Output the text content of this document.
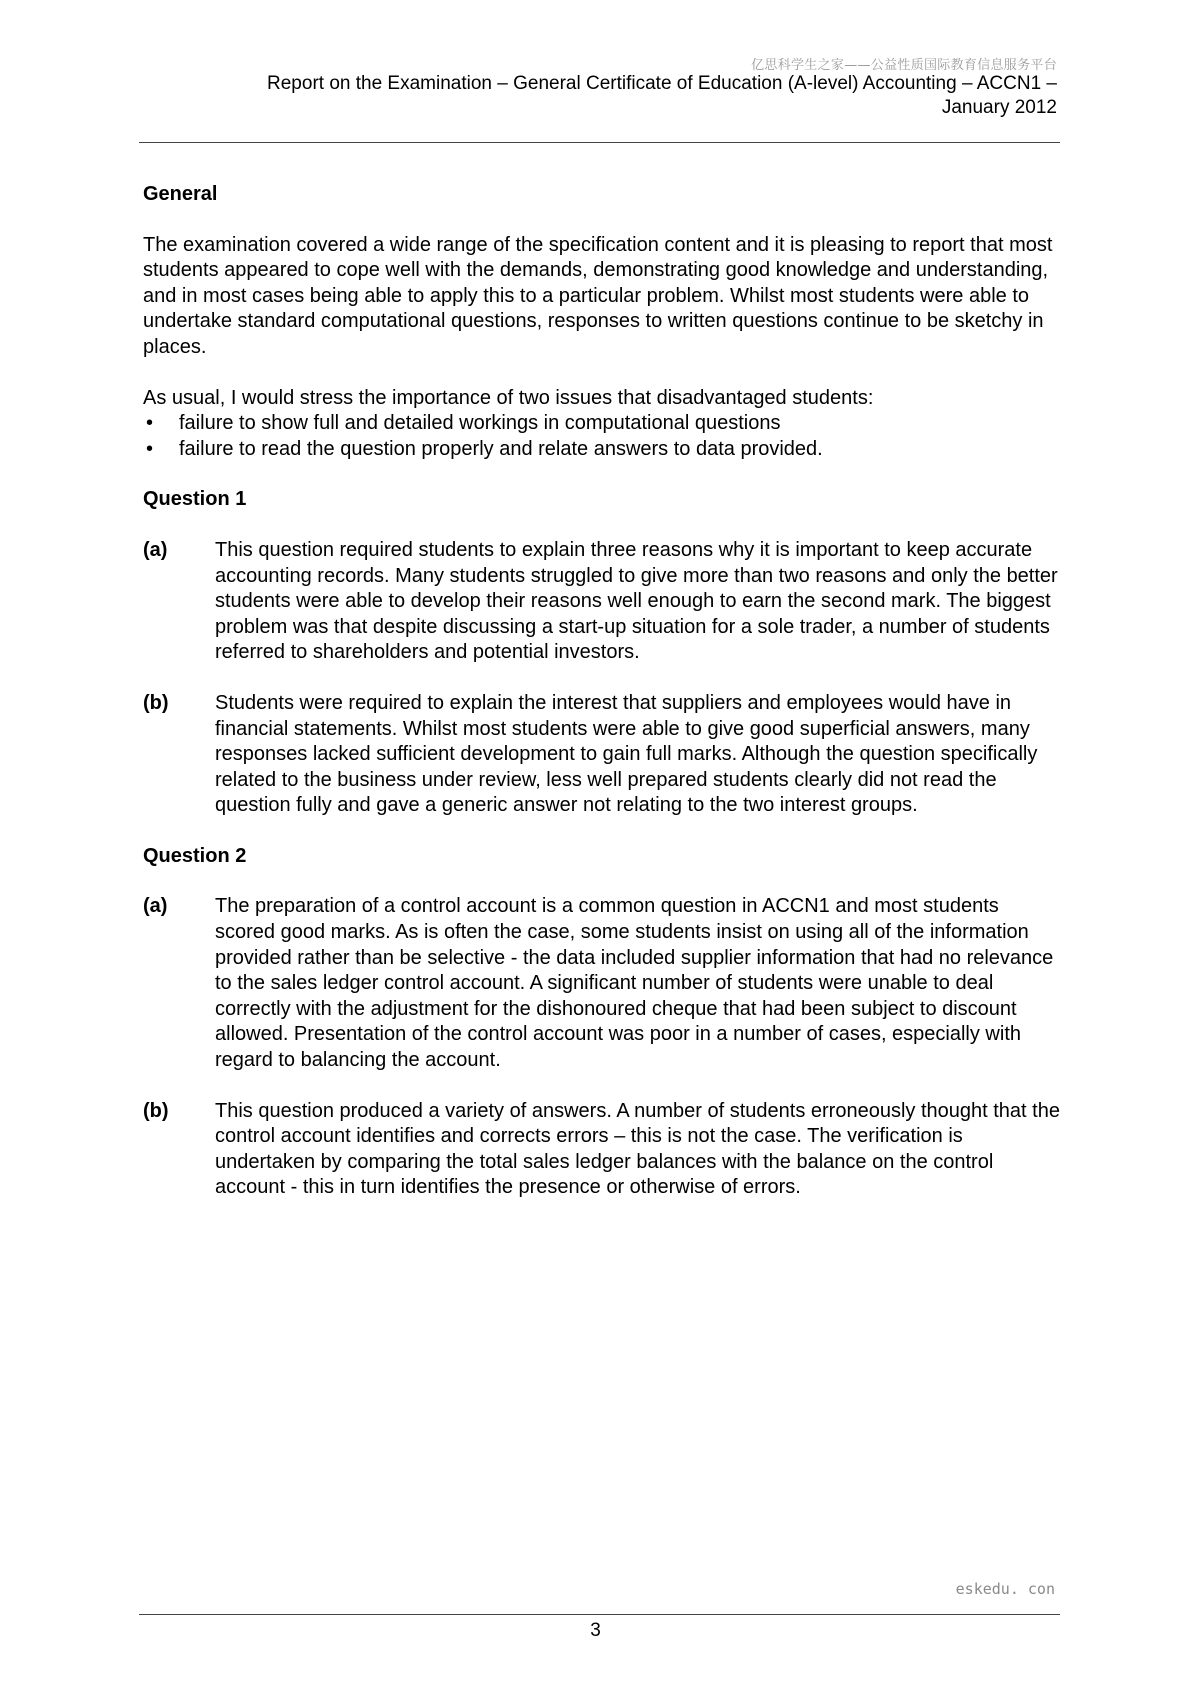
亿思科学生之家——公益性质国际教育信息服务平台
Report on the Examination – General Certificate of Education (A-level) Accounting – ACCN1 –
January 2012
General
The examination covered a wide range of the specification content and it is pleasing to report that most students appeared to cope well with the demands, demonstrating good knowledge and understanding, and in most cases being able to apply this to a particular problem. Whilst most students were able to undertake standard computational questions, responses to written questions continue to be sketchy in places.
As usual, I would stress the importance of two issues that disadvantaged students:
• failure to show full and detailed workings in computational questions
• failure to read the question properly and relate answers to data provided.
Question 1
(a)	This question required students to explain three reasons why it is important to keep accurate accounting records. Many students struggled to give more than two reasons and only the better students were able to develop their reasons well enough to earn the second mark. The biggest problem was that despite discussing a start-up situation for a sole trader, a number of students referred to shareholders and potential investors.
(b)	Students were required to explain the interest that suppliers and employees would have in financial statements. Whilst most students were able to give good superficial answers, many responses lacked sufficient development to gain full marks. Although the question specifically related to the business under review, less well prepared students clearly did not read the question fully and gave a generic answer not relating to the two interest groups.
Question 2
(a)	The preparation of a control account is a common question in ACCN1 and most students scored good marks. As is often the case, some students insist on using all of the information provided rather than be selective - the data included supplier information that had no relevance to the sales ledger control account. A significant number of students were unable to deal correctly with the adjustment for the dishonoured cheque that had been subject to discount allowed. Presentation of the control account was poor in a number of cases, especially with regard to balancing the account.
(b)	This question produced a variety of answers. A number of students erroneously thought that the control account identifies and corrects errors – this is not the case. The verification is undertaken by comparing the total sales ledger balances with the balance on the control account - this in turn identifies the presence or otherwise of errors.
eskedu. con
3
